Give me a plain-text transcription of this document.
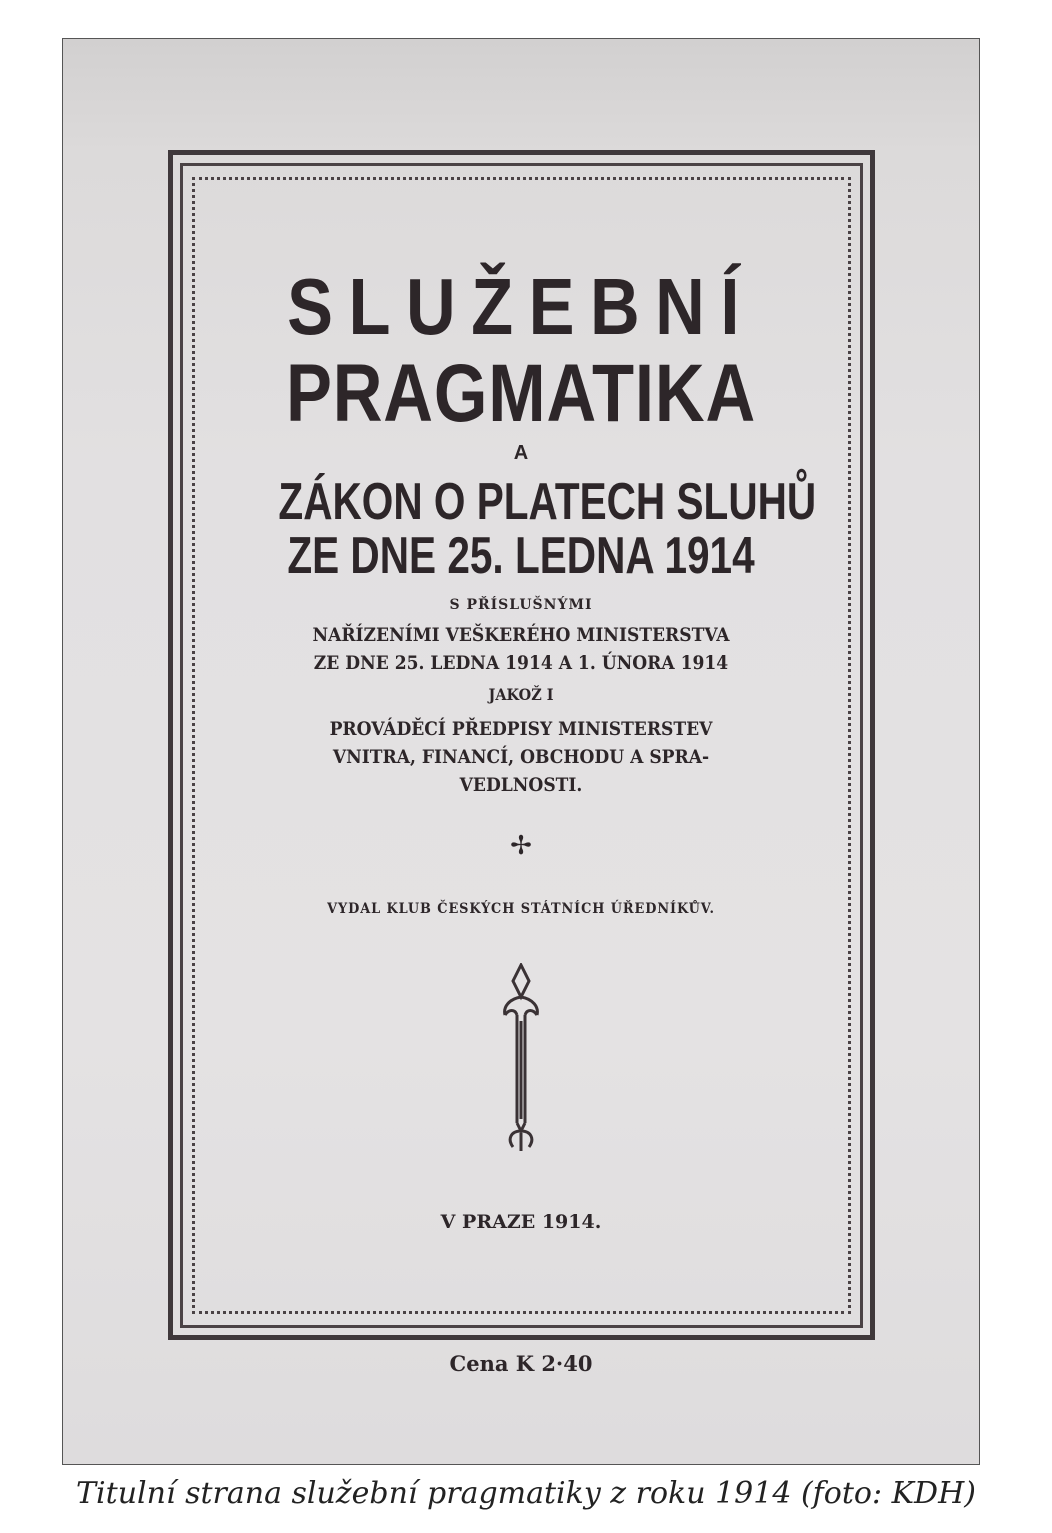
SLUŽEBNÍ
PRAGMATIKA
A
ZÁKON O PLATECH SLUHŮ
ZE DNE 25. LEDNA 1914
S PŘÍSLUŠNÝMI
NAŘÍZENÍMI VEŠKERÉHO MINISTERSTVA
ZE DNE 25. LEDNA 1914 A 1. ÚNORA 1914
JAKOŽ I
PROVÁDĚCÍ PŘEDPISY MINISTERSTEV
VNITRA, FINANCÍ, OBCHODU A SPRA-
VEDLNOSTI.
✢
VYDAL KLUB ČESKÝCH STÁTNÍCH ÚŘEDNÍKŮV.
V PRAZE 1914.
Cena K 2·40
Titulní strana služební pragmatiky z roku 1914 (foto: KDH)
